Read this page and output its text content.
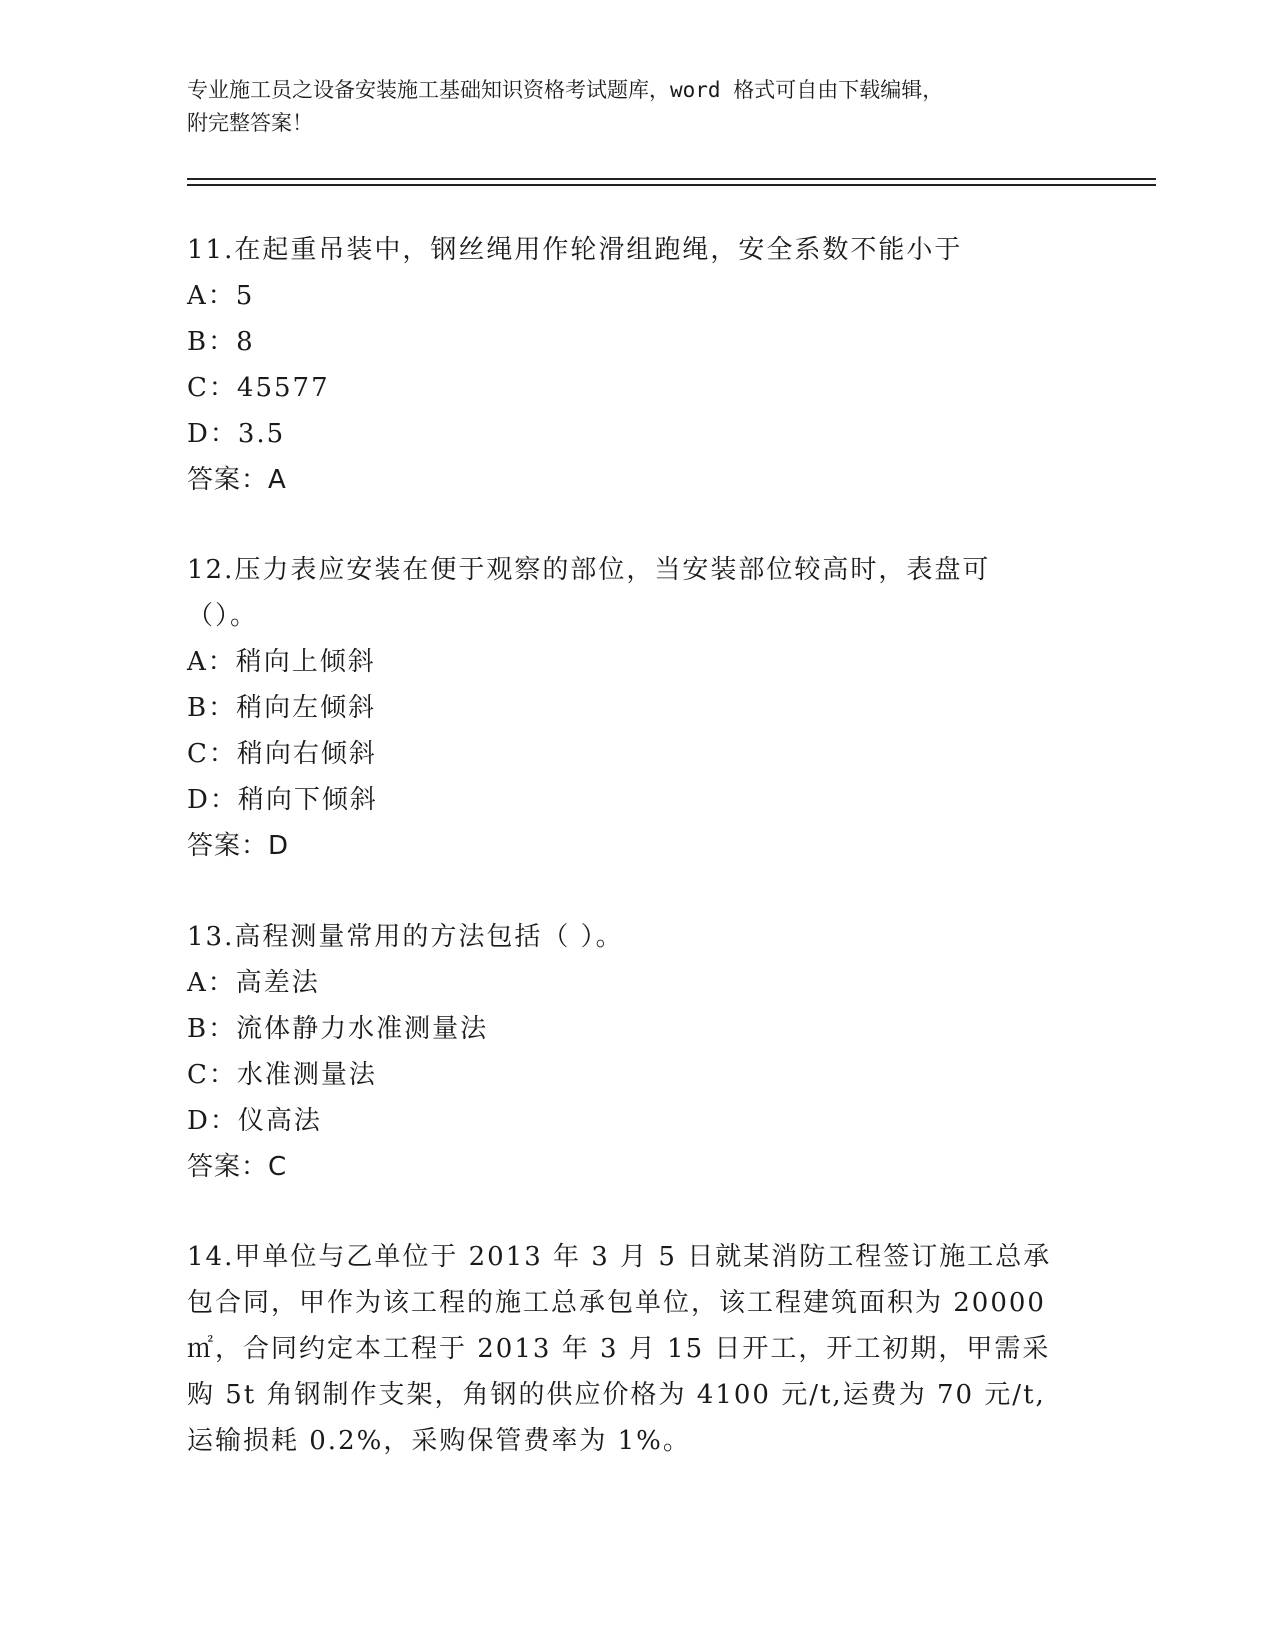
专业施工员之设备安装施工基础知识资格考试题库，word 格式可自由下载编辑，
附完整答案！

11.在起重吊装中，钢丝绳用作轮滑组跑绳，安全系数不能小于

A：5

B：8

C：45577

D：3.5

答案：A

12.压力表应安装在便于观察的部位，当安装部位较高时，表盘可（）。

A：稍向上倾斜

B：稍向左倾斜

C：稍向右倾斜

D：稍向下倾斜

答案：D

13.高程测量常用的方法包括（ ）。

A：高差法

B：流体静力水准测量法

C：水准测量法

D：仪高法

答案：C

14.甲单位与乙单位于 2013 年 3 月 5 日就某消防工程签订施工总承包合同，甲作为该工程的施工总承包单位，该工程建筑面积为 20000㎡，合同约定本工程于 2013 年 3 月 15 日开工，开工初期，甲需采购 5t 角钢制作支架，角钢的供应价格为 4100 元/t,运费为 70 元/t,运输损耗 0.2%，采购保管费率为 1%。
